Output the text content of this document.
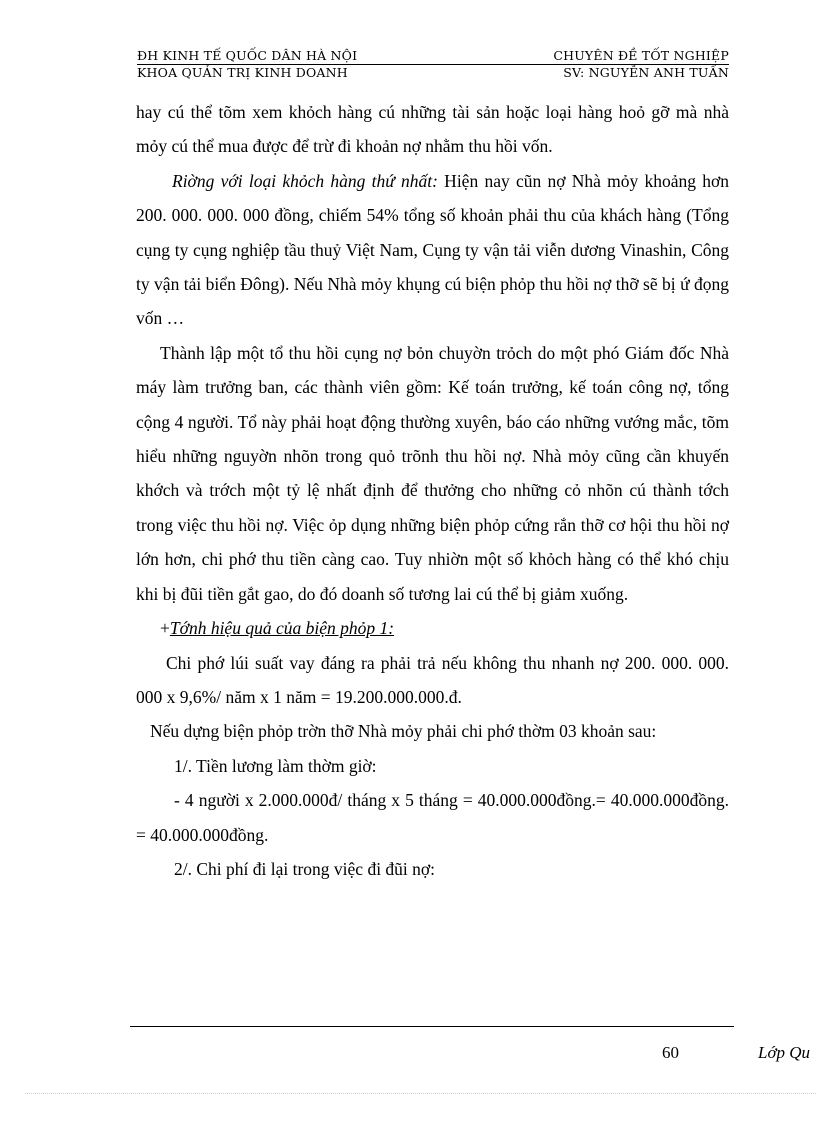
ĐH KINH TẾ QUỐC DÂN HÀ NỘI	CHUYÊN ĐỀ TỐT NGHIỆP
KHOA QUẢN TRỊ KINH DOANH	SV: NGUYỄN ANH TUẤN

hay cú thể tõm xem khỏch hàng cú những tài sản hoặc loại hàng hoỏ gỡ mà nhà mỏy cú thể mua được để trừ đi khoản nợ nhằm thu hồi vốn.

Riờng với loại khỏch hàng thứ nhất: Hiện nay cũn nợ Nhà mỏy khoảng hơn 200. 000. 000. 000 đồng, chiếm 54% tổng số khoản phải thu của khách hàng (Tổng cụng ty cụng nghiệp tầu thuỷ Việt Nam, Cụng ty vận tải viễn dương Vinashin, Công ty vận tải biển Đông). Nếu Nhà mỏy khụng cú biện phỏp thu hồi nợ thỡ sẽ bị ứ đọng vốn …

Thành lập một tổ thu hồi cụng nợ bỏn chuyờn trỏch do một phó Giám đốc Nhà máy làm trưởng ban, các thành viên gồm: Kế toán trưởng, kế toán công nợ, tổng cộng 4 người. Tổ này phải hoạt động thường xuyên, báo cáo những vướng mắc, tõm hiểu những nguyờn nhõn trong quỏ trõnh thu hồi nợ. Nhà mỏy cũng cần khuyến khớch và trớch một tỷ lệ nhất định để thưởng cho những cỏ nhõn cú thành tớch trong việc thu hồi nợ. Việc ỏp dụng những biện phỏp cứng rắn thỡ cơ hội thu hồi nợ lớn hơn, chi phớ thu tiền càng cao. Tuy nhiờn một số khỏch hàng có thể khó chịu khi bị đũi tiền gắt gao, do đó doanh số tương lai cú thể bị giảm xuống.

+Tớnh hiệu quả của biện phỏp 1:

Chi phớ lúi suất vay đáng ra phải trả nếu không thu nhanh nợ 200. 000. 000. 000 x 9,6%/ năm x 1 năm = 19.200.000.000.đ.

Nếu dựng biện phỏp trờn thỡ Nhà mỏy phải chi phớ thờm 03 khoản sau:

1/. Tiền lương làm thờm giờ:

- 4 người x 2.000.000đ/ tháng x 5 tháng = 40.000.000đồng.= 40.000.000đồng. = 40.000.000đồng.

2/. Chi phí đi lại trong việc đi đũi nợ:

60	Lớp Qu
